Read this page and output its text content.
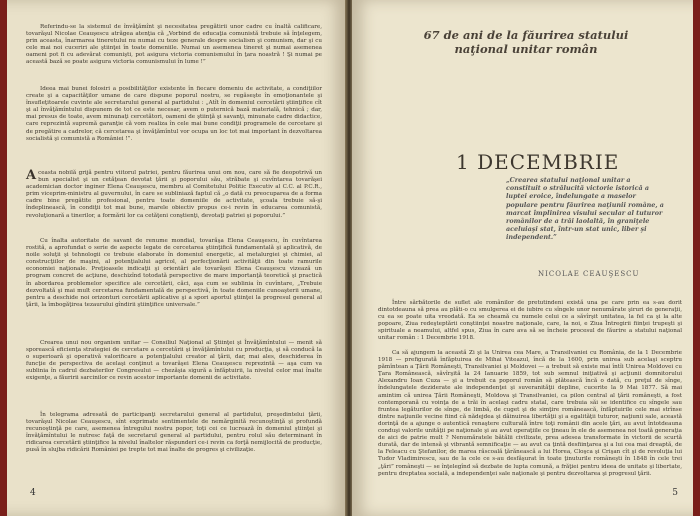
Referindu-se la sistemul de învăţămînt şi necesitatea pregătirii unor cadre cu înaltă calificare, tovarăşul Nicolae Ceauşescu atrăgea atenţia că „Vorbind de educaţia comunistă trebuie să înţelegem, prin aceasta, înarmarea tineretului nu numai cu teze generale despre socialism şi comunism, dar şi cu cele mai noi cuceriri ale ştiinţei în toate domeniile. Numai un asemenea tineret şi numai asemenea oameni pot fi cu adevărat comunişti, pot asigura victoria comunismului în ţara noastră ! Şi numai pe această bază se poate asigura victoria comunismului în lume !”
Ideea mai bunei folosiri a posibilităţilor existente în fiecare domeniu de activitate, a condiţiilor create şi a capacităţilor umane de care dispune poporul nostru, se regăseşte în emoţionantele şi însufleţitoarele cuvinte ale secretarului general al partidului : „Atît în domeniul cercetării ştiinţifice cît şi al învăţămîntului dispunem de tot ce este necesar, avem o puternică bază materială, tehnică ; dar, mai presus de toate, avem minunaţi cercetători, oameni de ştiinţă şi savanţi, minunate cadre didactice, care reprezintă supremă garanţie că vom realiza în cele mai bune condiţii programele de cercetare şi de pregătire a cadrelor, că cercetarea şi învăţămîntul vor ocupa un loc tot mai important în dezvoltarea socialistă şi comunistă a României !”.
Aceasta nobilă grijă pentru viitorul patriei, pentru făurirea unui om nou, care să fie deopotrivă un bun specialist şi un cetăţean devotat ţării şi poporului său, străbate şi cuvîntarea tovarăşei academician doctor inginer Elena Ceauşescu, membru al Comitetului Politic Executiv al C.C. al P.C.R., prim viceprim-ministru al guvernului, în care se subliniază faptul că „o dată cu preocuparea de a forma cadre bine pregătite profesional, pentru toate domeniile de activitate, şcoala trebuie să-şi îndeplinească, în condiţii tot mai bune, marele obiectiv propus ce-i revin în educarea comunistă, revoluţionară a tinerilor, a formării lor ca cetăţeni conştienţi, devotaţi patriei şi poporului.”
Cu înalta autoritate de savant de renume mondial, tovarăşa Elena Ceauşescu, în cuvîntarea rostită, a aprofundat o serie de aspecte legate de cercetarea ştiinţifică fundamentală şi aplicativă, de noile soluţii şi tehnologii ce trebuie elaborate în domeniul energetic, al metalurgiei şi chimiei, al construcţiilor de maşini, al potenţialului agricol, al perfecţionării activităţii din toate ramurile economiei naţionale. Preţioasele indicaţii şi orientări ale tovarăşei Elena Ceauşescu vizează un program concret de acţiune, deschizînd totodată perspective de mare importanţă teoretică şi practică în abordarea problemelor specifice ale cercetării, căci, aşa cum se sublinia în cuvîntare, „Trebuie dezvoltată şi mai mult cercetarea fundamentală de perspectivă, în toate domeniile cunoaşterii umane, pentru a deschide noi orizonturi cercetării aplicative şi a spori aportul ştiinţei la progresul general al ţării, la îmbogăţirea tezaurului gîndirii ştiinţifice universale.”
Crearea unui nou organism unitar — Consiliul Naţional al Ştiinţei şi Învăţămîntului — menit să sporească eficienţa strategiei de cercetare a cercetării şi învăţămîntului cu producţia, şi să conducă la o superioară şi operativă valorificare a potenţialului creator al ţării, dar, mai ales, deschiderea în funcţie de perspectiva de acelaşi conţinut a tovarăşei Elena Ceauşescu reprezintă — aşa cum va sublinia în cadrul dezbaterilor Congresului — chezăşia sigură a înfăptuirii, la nivelul celor mai înalte exigenţe, a făuririi sarcinilor ce revin acestor importante domenii de activitate.
În telegrama adresată de participanţi secretarului general al partidului, preşedintelui ţării, tovarăşul Nicolae Ceauşescu, sînt exprimate sentimentele de nemărginită recunoştinţă şi profundă recunoştinţă pe care, asemenea întregului nostru popor, toţi cei ce lucrează în domeniul ştiinţei şi învăţămîntului le nutresc faţă de secretarul general al partidului, pentru rolul său determinant în ridicarea cercetării ştiinţifice la nivelul înaltelor răspunderi ce-i revin ca forţă nemijlocită de producţie, pusă în slujba ridicării României pe trepte tot mai înalte de progres şi civilizaţie.
4
67 de ani de la făurirea statului naţional unitar român
1 DECEMBRIE
„Crearea statului naţional unitar a constituit o strălucită victorie istorică a luptei eroice, îndelungate a maselor populare pentru făurirea naţiunii române, a marcat împlinirea visului secular al tuturor românilor de a trăi laolaltă, în graniţele aceluiaşi stat, într-un stat unic, liber şi independent.”
NICOLAE CEAUŞESCU
Între sărbătorile de suflet ale românilor de pretutindeni există una pe care prin ea s-au dorit dintotdeauna să prea au plăti-o cu smulgerea ei de iubire cu sîngele unor nenumărate şiruri de generaţii, cu ea se poate uita vreodată. Ea se cheamă cu numele celui ce a săvîrşit unitatea, la fel ca şi la alte popoare, Ziua redeşteptării conştiinţei noastre naţionale, care, la noi, e Ziua Întregirii fiinţei trupeşti şi spirituale a neamului, altfel spus, Ziua în care ava să se încheie procesul de făurire a statului naţional unitar român : 1 Decembrie 1918.
Ca să ajungem la această Zi şi la Unirea cea Mare, a Transilvaniei cu România, de la 1 Decembrie 1918 — prefigurată înfăptuirea de Mihai Viteazul, încă de la 1600, prin unirea sub acelaşi sceptru pămîntean a Ţării Româneşti, Transilvaniei şi Moldovei — a trebuit să existe mai întîi Unirea Moldovei cu Ţara Românească, săvîrşită la 24 Ianuarie 1859, tot sub semnul iniţiativă şi acţiunii domnitorului Alexandru Ioan Cuza — şi a trebuit ca poporul român să plătească încă o dată, cu preţul de sînge, îndelungatele deziderate ale independenţei şi suveranităţii depline, cucerite la 9 Mai 1877. Să mai amintim că unirea Ţării Româneşti, Moldova şi Transilvaniei, ca pilon central al ţării româneşti, a fost contemporană cu voinţa de a trăi în acelaşi cadru statal, care trebuia săi se identifice cu sîngele sau fruntea legăturilor de sînge, de limbă, de cuget şi de simţire românească, înfăptuirile cele mai strînse dintre naţiunile vecine fiind că nădejdea şi dăinuirea libertăţii şi a egalităţii tuturor, naţiunii sale, această dorinţă de a ajunge o autentică renaştere culturală între toţi românii din acele ţări, au avut întotdeauna conduşi valorile unităţii pe naţionale şi au avut operaţiile ce ţineau în ele de asemenea noi toată generaţia de aici de patrie mult ? Nenumăratele bătălii civilizate, prea adesea transformate în victorii de scurtă durată, dar de intensă şi vibrantă semnificaţie — au avut ca ţintă desfiinţarea şi a lui cea mai dreaptă, de la Feleacu cu Ştefanilor, de marea răscoală ţărănească a lui Horea, Cloşca şi Crişan cît şi de revoluţia lui Tudor Vladimirescu, sau de la cele ce s-au desfăşurat în toate ţinuturile româneşti în 1848 în cele trei „ţări” româneşti — se înţelegînd să dezbate de lupta comună, a frăţiei pentru ideea de unitate şi libertate, pentru dreptatea socială, a independenţei sale naţionale şi pentru dezvoltarea şi progresul ţării.
5
